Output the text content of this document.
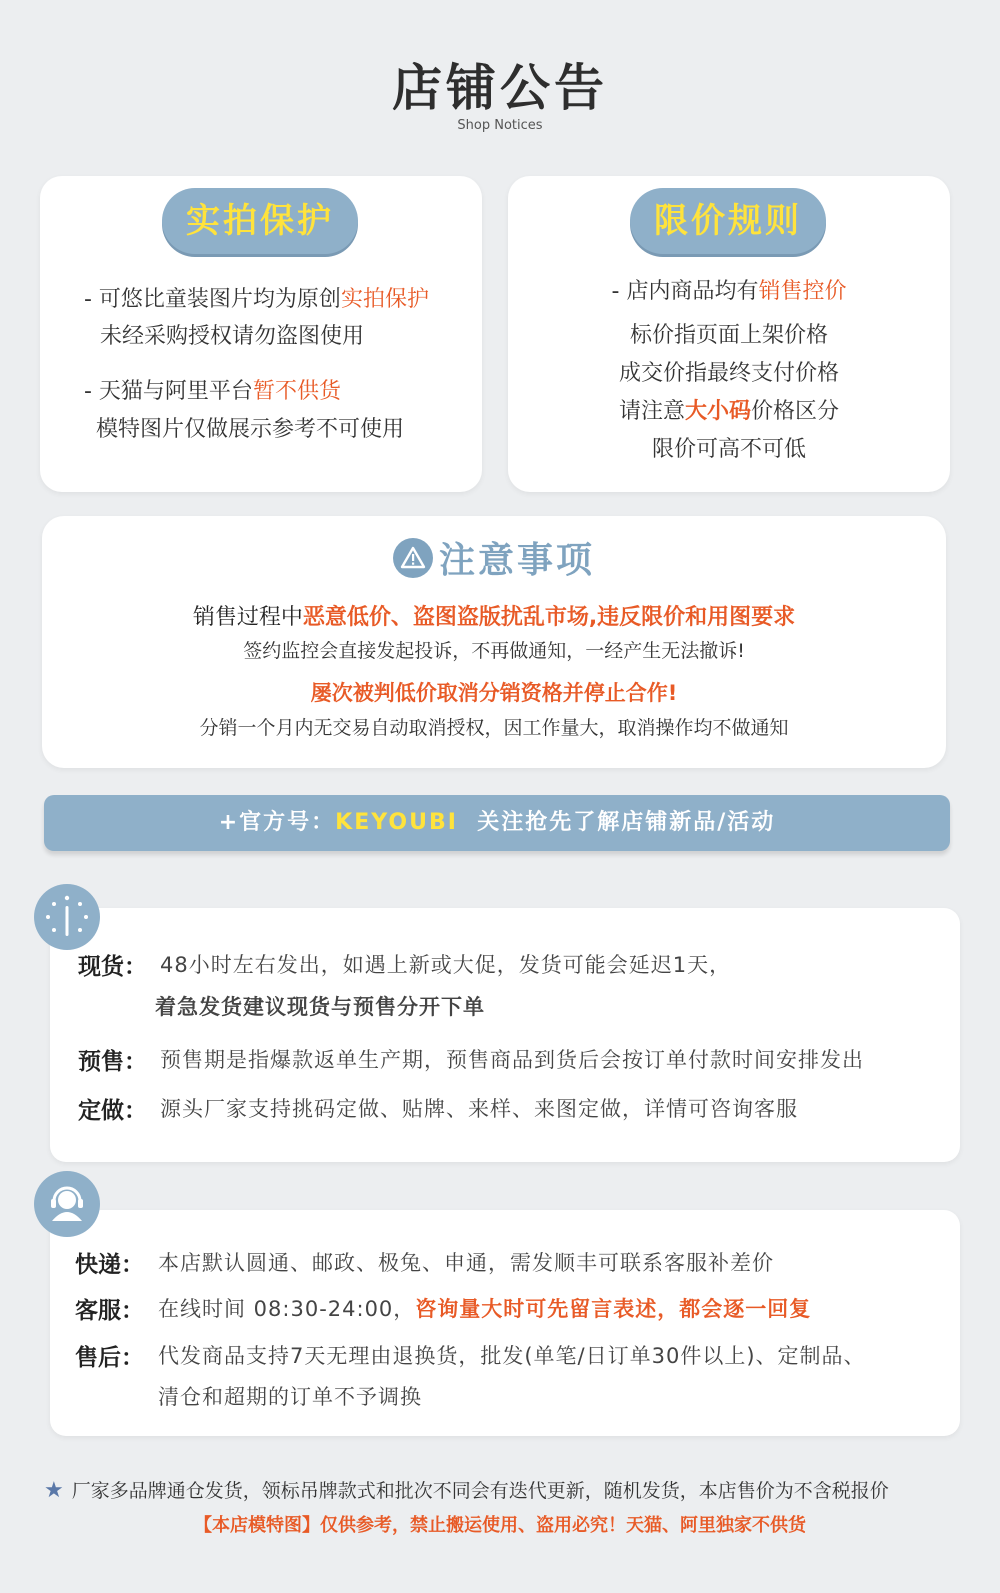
店铺公告
Shop Notices
实拍保护
- 可悠比童装图片均为原创实拍保护
未经采购授权请勿盗图使用
- 天猫与阿里平台暂不供货
模特图片仅做展示参考不可使用
限价规则
- 店内商品均有销售控价
标价指页面上架价格
成交价指最终支付价格
请注意大小码价格区分
限价可高不可低
注意事项
销售过程中恶意低价、盗图盗版扰乱市场,违反限价和用图要求
签约监控会直接发起投诉，不再做通知，一经产生无法撤诉!
屡次被判低价取消分销资格并停止合作!
分销一个月内无交易自动取消授权，因工作量大，取消操作均不做通知
+官方号：KEYOUBI 关注抢先了解店铺新品/活动
现货： 48小时左右发出，如遇上新或大促，发货可能会延迟1天，
着急发货建议现货与预售分开下单
预售： 预售期是指爆款返单生产期，预售商品到货后会按订单付款时间安排发出
定做： 源头厂家支持挑码定做、贴牌、来样、来图定做，详情可咨询客服
快递： 本店默认圆通、邮政、极兔、申通，需发顺丰可联系客服补差价
客服： 在线时间 08:30-24:00，咨询量大时可先留言表述，都会逐一回复
售后： 代发商品支持7天无理由退换货，批发(单笔/日订单30件以上)、定制品、
清仓和超期的订单不予调换
★ 厂家多品牌通仓发货，领标吊牌款式和批次不同会有迭代更新，随机发货，本店售价为不含税报价
【本店模特图】仅供参考，禁止搬运使用、盗用必究！天猫、阿里独家不供货
